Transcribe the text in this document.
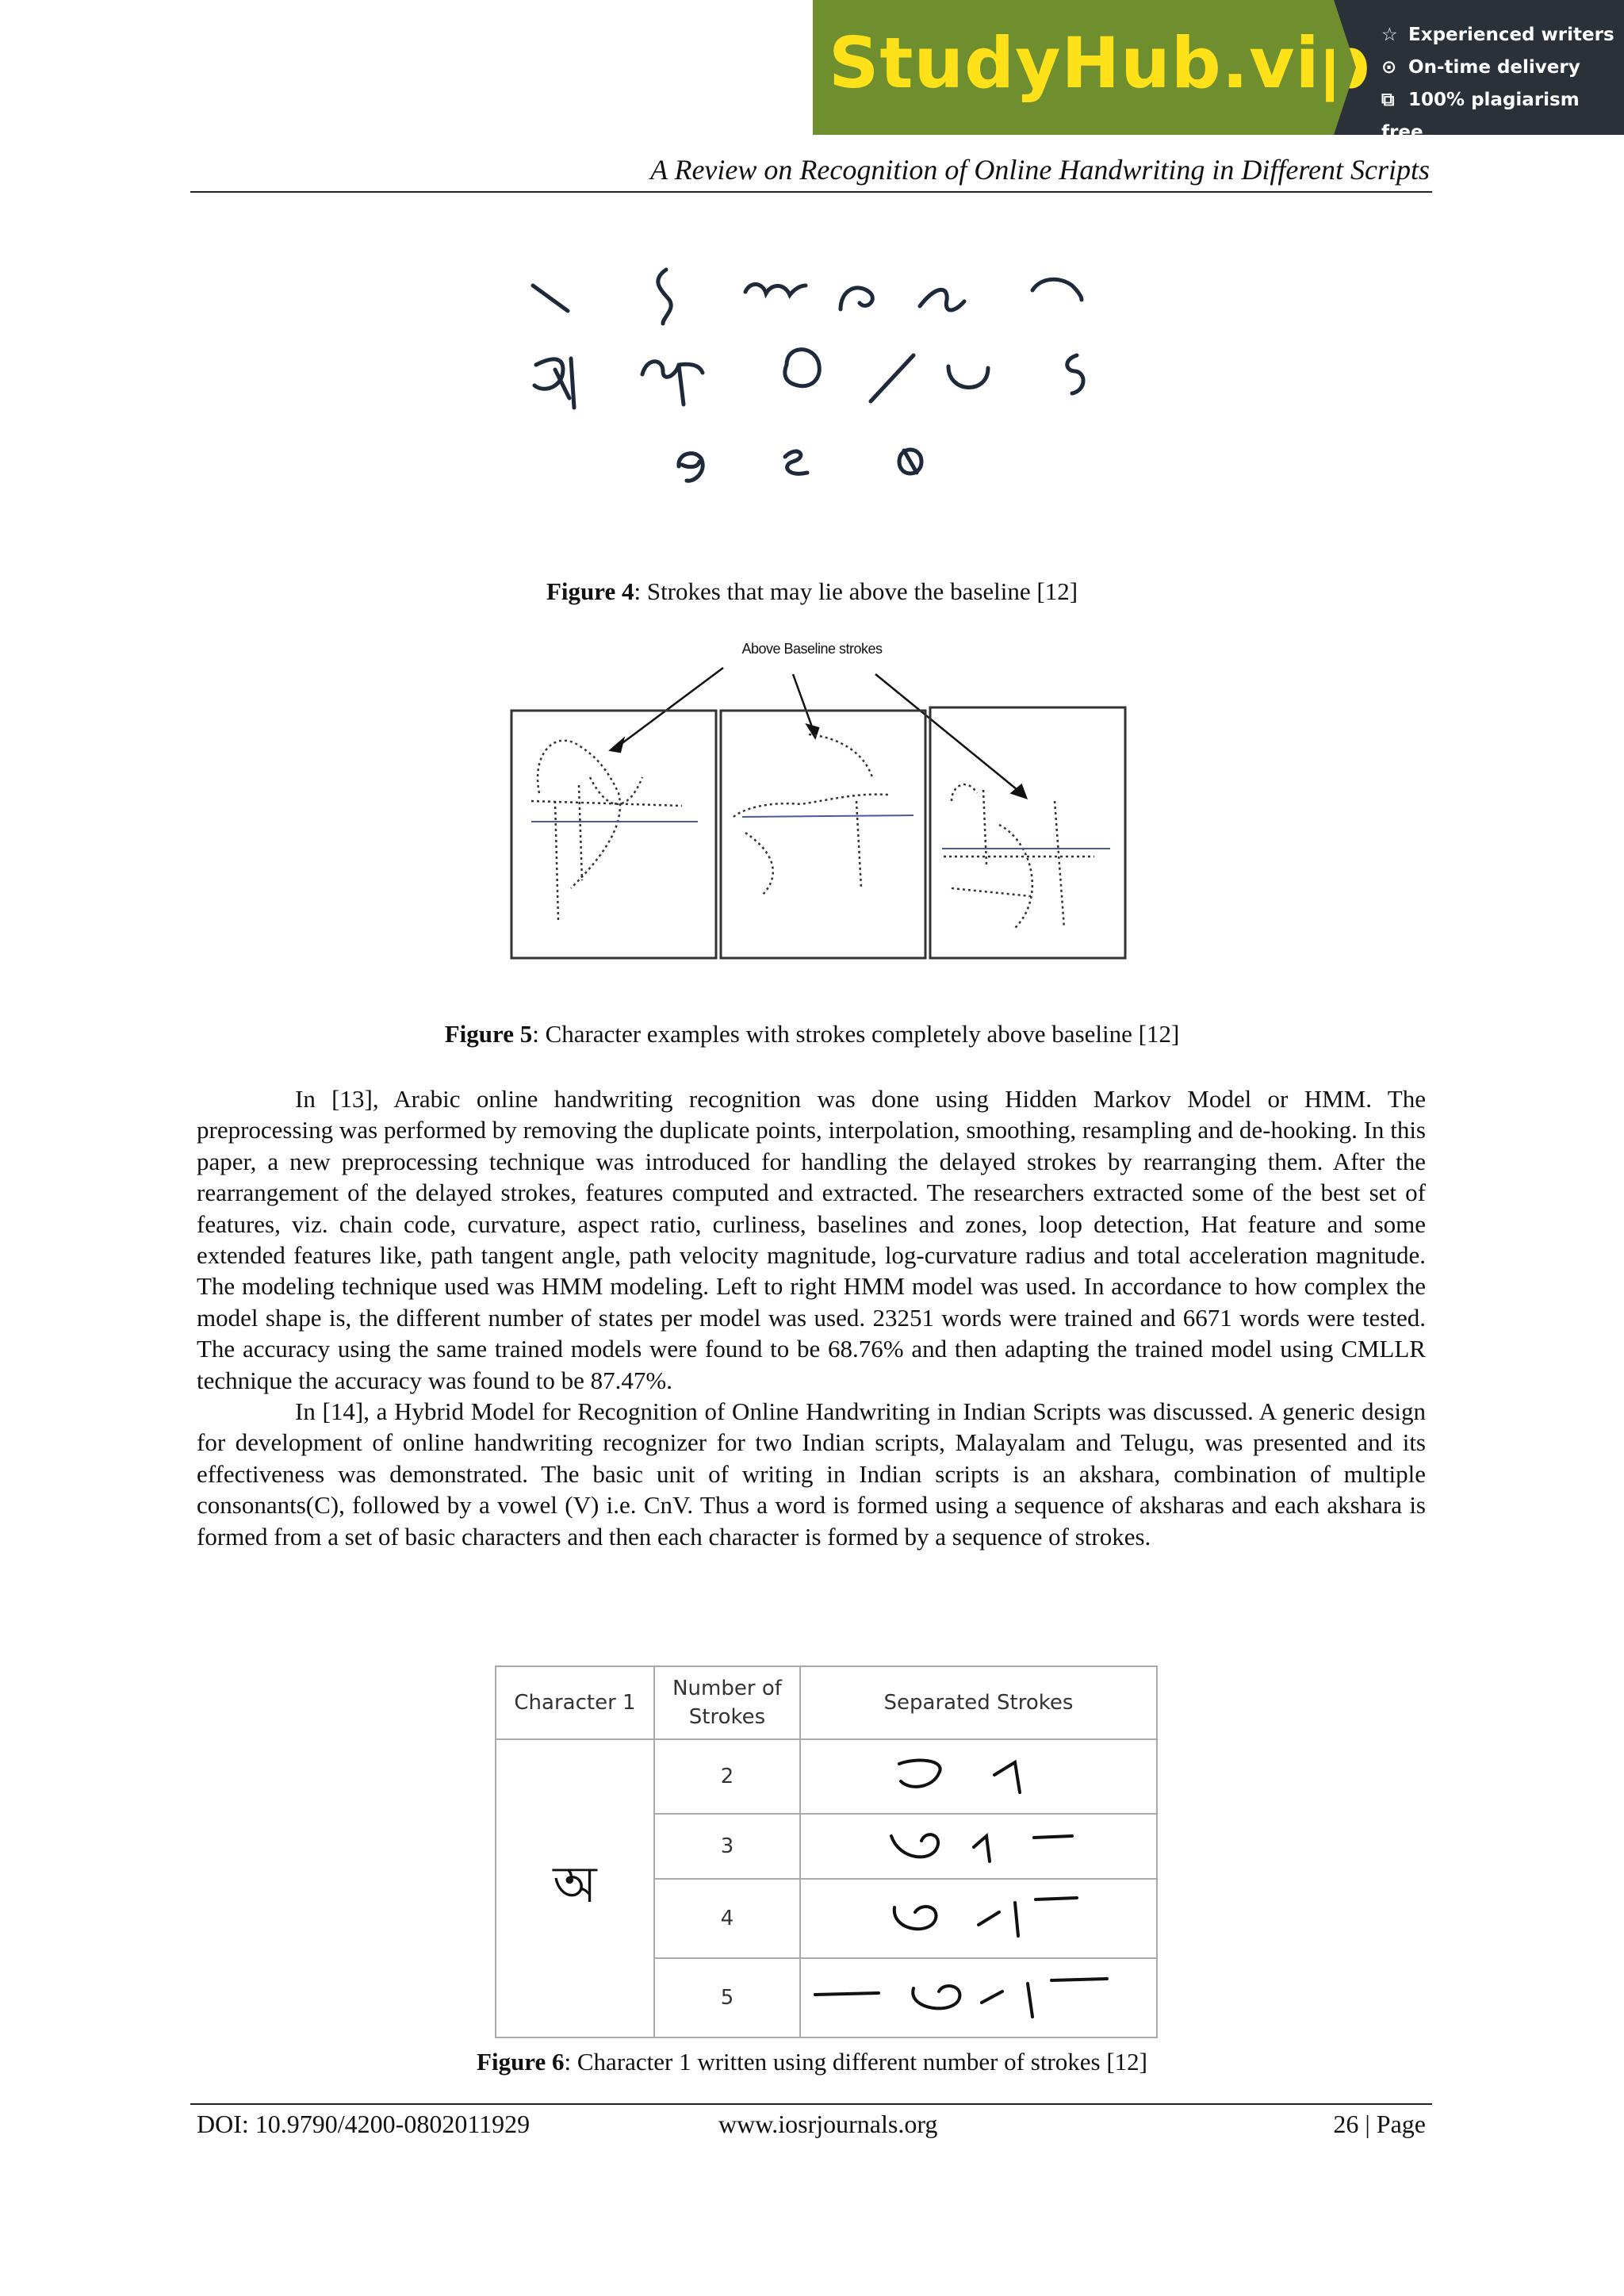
StudyHub.vip ☆ Experienced writers
⊙ On-time delivery
⧉ 100% plagiarism free
A Review on Recognition of Online Handwriting in Different Scripts
Figure 4: Strokes that may lie above the baseline [12]
Above Baseline strokes
Figure 5: Character examples with strokes completely above baseline [12]

In [13], Arabic online handwriting recognition was done using Hidden Markov Model or HMM. The preprocessing was performed by removing the duplicate points, interpolation, smoothing, resampling and de-hooking. In this paper, a new preprocessing technique was introduced for handling the delayed strokes by rearranging them. After the rearrangement of the delayed strokes, features computed and extracted. The researchers extracted some of the best set of features, viz. chain code, curvature, aspect ratio, curliness, baselines and zones, loop detection, Hat feature and some extended features like, path tangent angle, path velocity magnitude, log-curvature radius and total acceleration magnitude. The modeling technique used was HMM modeling. Left to right HMM model was used. In accordance to how complex the model shape is, the different number of states per model was used. 23251 words were trained and 6671 words were tested. The accuracy using the same trained models were found to be 68.76% and then adapting the trained model using CMLLR technique the accuracy was found to be 87.47%.

In [14], a Hybrid Model for Recognition of Online Handwriting in Indian Scripts was discussed. A generic design for development of online handwriting recognizer for two Indian scripts, Malayalam and Telugu, was presented and its effectiveness was demonstrated. The basic unit of writing in Indian scripts is an akshara, combination of multiple consonants(C), followed by a vowel (V) i.e. CnV. Thus a word is formed using a sequence of aksharas and each akshara is formed from a set of basic characters and then each character is formed by a sequence of strokes.

Character 1	Number of Strokes	Separated Strokes
অ	2	
	3	
	4	
	5	
Figure 6: Character 1 written using different number of strokes [12]
DOI: 10.9790/4200-0802011929	www.iosrjournals.org	26 | Page
